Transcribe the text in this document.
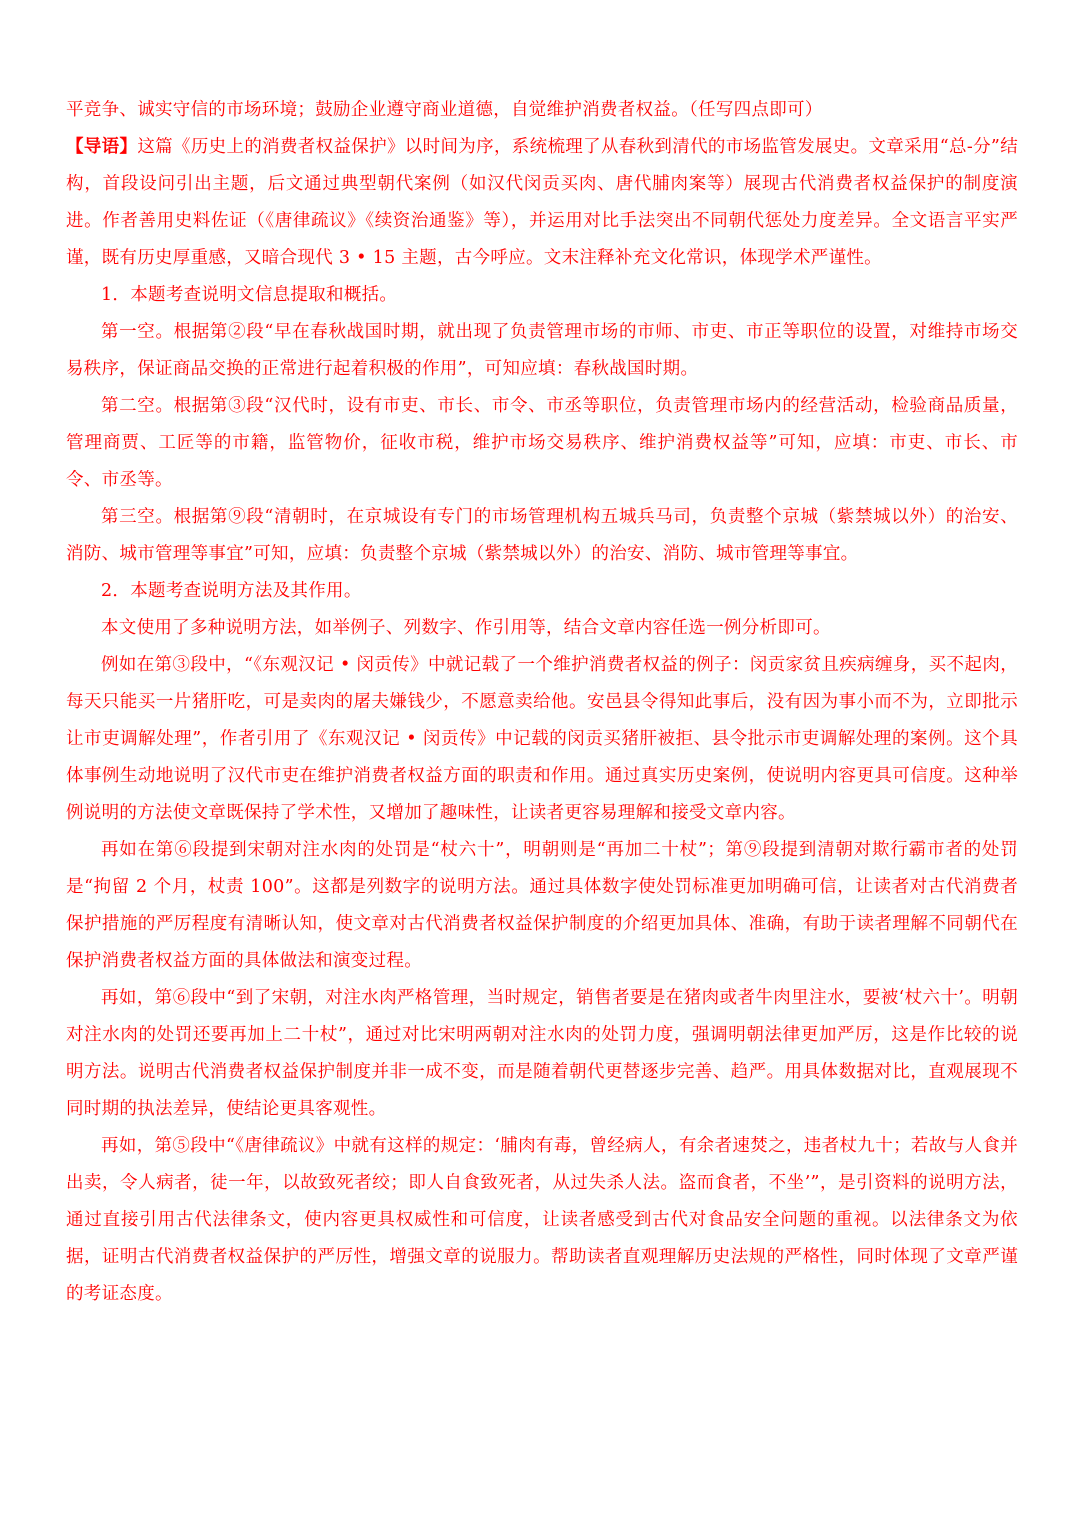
平竞争、诚实守信的市场环境；鼓励企业遵守商业道德，自觉维护消费者权益。（任写四点即可）

【导语】这篇《历史上的消费者权益保护》以时间为序，系统梳理了从春秋到清代的市场监管发展史。文章采用“总-分”结构，首段设问引出主题，后文通过典型朝代案例（如汉代闵贡买肉、唐代脯肉案等）展现古代消费者权益保护的制度演进。作者善用史料佐证（《唐律疏议》《续资治通鉴》等），并运用对比手法突出不同朝代惩处力度差异。全文语言平实严谨，既有历史厚重感，又暗合现代 3 • 15 主题，古今呼应。文末注释补充文化常识，体现学术严谨性。

1．本题考查说明文信息提取和概括。

第一空。根据第②段“早在春秋战国时期，就出现了负责管理市场的市师、市吏、市正等职位的设置，对维持市场交易秩序，保证商品交换的正常进行起着积极的作用”，可知应填：春秋战国时期。

第二空。根据第③段“汉代时，设有市吏、市长、市令、市丞等职位，负责管理市场内的经营活动，检验商品质量，管理商贾、工匠等的市籍，监管物价，征收市税，维护市场交易秩序、维护消费权益等”可知，应填：市吏、市长、市令、市丞等。

第三空。根据第⑨段“清朝时，在京城设有专门的市场管理机构五城兵马司，负责整个京城（紫禁城以外）的治安、消防、城市管理等事宜”可知，应填：负责整个京城（紫禁城以外）的治安、消防、城市管理等事宜。

2．本题考查说明方法及其作用。

本文使用了多种说明方法，如举例子、列数字、作引用等，结合文章内容任选一例分析即可。

例如在第③段中，“《东观汉记 • 闵贡传》中就记载了一个维护消费者权益的例子：闵贡家贫且疾病缠身，买不起肉，每天只能买一片猪肝吃，可是卖肉的屠夫嫌钱少，不愿意卖给他。安邑县令得知此事后，没有因为事小而不为，立即批示让市吏调解处理”，作者引用了《东观汉记 • 闵贡传》中记载的闵贡买猪肝被拒、县令批示市吏调解处理的案例。这个具体事例生动地说明了汉代市吏在维护消费者权益方面的职责和作用。通过真实历史案例，使说明内容更具可信度。这种举例说明的方法使文章既保持了学术性，又增加了趣味性，让读者更容易理解和接受文章内容。

再如在第⑥段提到宋朝对注水肉的处罚是“杖六十”，明朝则是“再加二十杖”；第⑨段提到清朝对欺行霸市者的处罚是“拘留 2 个月，杖责 100”。这都是列数字的说明方法。通过具体数字使处罚标准更加明确可信，让读者对古代消费者保护措施的严厉程度有清晰认知，使文章对古代消费者权益保护制度的介绍更加具体、准确，有助于读者理解不同朝代在保护消费者权益方面的具体做法和演变过程。

再如，第⑥段中“到了宋朝，对注水肉严格管理，当时规定，销售者要是在猪肉或者牛肉里注水，要被‘杖六十’。明朝对注水肉的处罚还要再加上二十杖”，通过对比宋明两朝对注水肉的处罚力度，强调明朝法律更加严厉，这是作比较的说明方法。说明古代消费者权益保护制度并非一成不变，而是随着朝代更替逐步完善、趋严。用具体数据对比，直观展现不同时期的执法差异，使结论更具客观性。

再如，第⑤段中“《唐律疏议》中就有这样的规定：‘脯肉有毒，曾经病人，有余者速焚之，违者杖九十；若故与人食并出卖，令人病者，徒一年，以故致死者绞；即人自食致死者，从过失杀人法。盗而食者，不坐’”，是引资料的说明方法，通过直接引用古代法律条文，使内容更具权威性和可信度，让读者感受到古代对食品安全问题的重视。以法律条文为依据，证明古代消费者权益保护的严厉性，增强文章的说服力。帮助读者直观理解历史法规的严格性，同时体现了文章严谨的考证态度。
